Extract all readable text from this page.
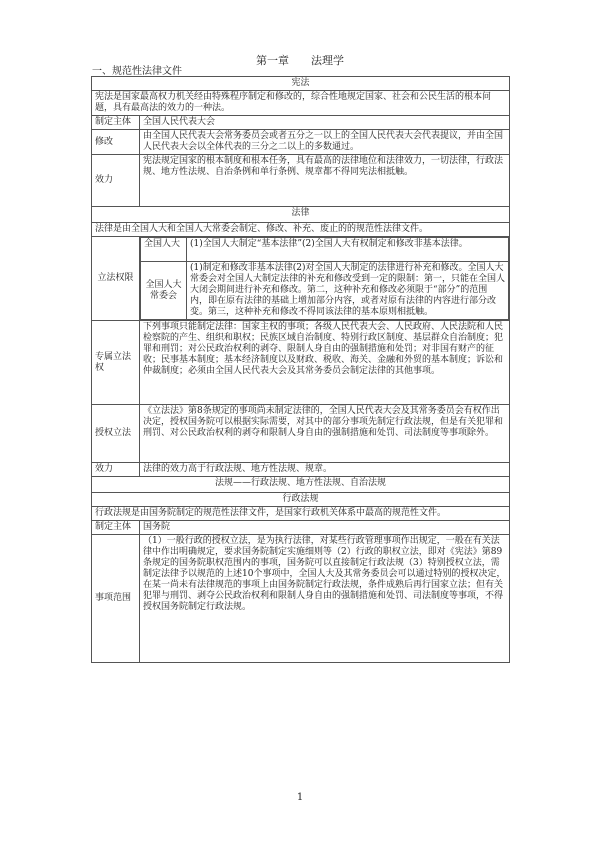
第一章　　法理学
一、规范性法律文件
宪法
宪法是国家最高权力机关经由特殊程序制定和修改的，综合性地规定国家、社会和公民生活的根本问题，具有最高法的效力的一种法。
制定主体	全国人民代表大会
修改	由全国人民代表大会常务委员会或者五分之一以上的全国人民代表大会代表提议，并由全国人民代表大会以全体代表的三分之二以上的多数通过。
效力	宪法规定国家的根本制度和根本任务，具有最高的法律地位和法律效力，一切法律，行政法规、地方性法规、自治条例和单行条例、规章都不得同宪法相抵触。
法律
法律是由全国人大和全国人大常委会制定、修改、补充、废止的的规范性法律文件。
立法权限	
全国人大	(1)全国人大制定“基本法律”(2)全国人大有权制定和修改非基本法律。
全国人大常委会	(1)制定和修改非基本法律(2)对全国人大制定的法律进行补充和修改。全国人大常委会对全国人大制定法律的补充和修改受到一定的限制：第一，只能在全国人大闭会期间进行补充和修改。第二，这种补充和修改必须限于“部分”的范围内，即在原有法律的基础上增加部分内容，或者对原有法律的内容进行部分改变。第三，这种补充和修改不得同该法律的基本原则相抵触。

专属立法权	下列事项只能制定法律：国家主权的事项；各级人民代表大会、人民政府、人民法院和人民检察院的产生、组织和职权；民族区域自治制度、特别行政区制度、基层群众自治制度；犯罪和刑罚；对公民政治权利的剥夺、限制人身自由的强制措施和处罚；对非国有财产的征收；民事基本制度；基本经济制度以及财政、税收、海关、金融和外贸的基本制度；诉讼和仲裁制度；必须由全国人民代表大会及其常务委员会制定法律的其他事项。
授权立法	《立法法》第8条规定的事项尚未制定法律的，全国人民代表大会及其常务委员会有权作出决定，授权国务院可以根据实际需要，对其中的部分事项先制定行政法规，但是有关犯罪和刑罚、对公民政治权利的剥夺和限制人身自由的强制措施和处罚、司法制度等事项除外。
效力	法律的效力高于行政法规、地方性法规、规章。
法规——行政法规、地方性法规、自治法规
行政法规
行政法规是由国务院制定的规范性法律文件，是国家行政机关体系中最高的规范性文件。
制定主体	国务院
事项范围	（1）一般行政的授权立法，是为执行法律，对某些行政管理事项作出规定，一般在有关法律中作出明确规定，要求国务院制定实施细则等（2）行政的职权立法，即对《宪法》第89条规定的国务院职权范围内的事项，国务院可以直接制定行政法规（3）特别授权立法，需制定法律予以规范的上述10个事项中，全国人大及其常务委员会可以通过特别的授权决定，在某一尚未有法律规范的事项上由国务院制定行政法规，条件成熟后再行国家立法；但有关犯罪与刑罚、剥夺公民政治权利和限制人身自由的强制措施和处罚、司法制度等事项，不得授权国务院制定行政法规。
1
